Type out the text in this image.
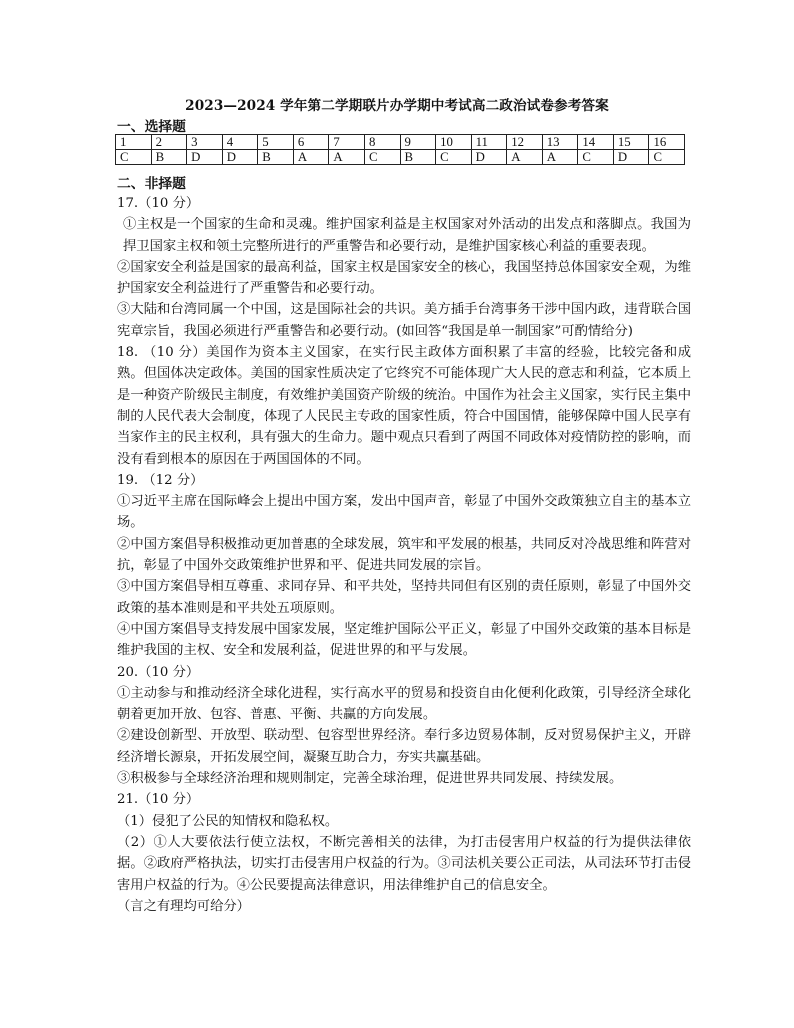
2023—2024 学年第二学期联片办学期中考试高二政治试卷参考答案
一、选择题
1	2	3	4	5	6	7	8	9	10	11	12	13	14	15	16
C	B	D	D	B	A	A	C	B	C	D	A	A	C	D	C
二、非择题

17.（10 分）

①主权是一个国家的生命和灵魂。维护国家利益是主权国家对外活动的出发点和落脚点。我国为捍卫国家主权和领土完整所进行的严重警告和必要行动，是维护国家核心利益的重要表现。

②国家安全利益是国家的最高利益，国家主权是国家安全的核心，我国坚持总体国家安全观，为维护国家安全利益进行了严重警告和必要行动。

③大陆和台湾同属一个中国，这是国际社会的共识。美方插手台湾事务干涉中国内政，违背联合国宪章宗旨，我国必须进行严重警告和必要行动。(如回答“我国是单一制国家”可酌情给分)

18. （10 分）美国作为资本主义国家，在实行民主政体方面积累了丰富的经验，比较完备和成熟。但国体决定政体。美国的国家性质决定了它终究不可能体现广大人民的意志和利益，它本质上是一种资产阶级民主制度，有效维护美国资产阶级的统治。中国作为社会主义国家，实行民主集中制的人民代表大会制度，体现了人民民主专政的国家性质，符合中国国情，能够保障中国人民享有当家作主的民主权利，具有强大的生命力。题中观点只看到了两国不同政体对疫情防控的影响，而没有看到根本的原因在于两国国体的不同。

19. （12 分）

①习近平主席在国际峰会上提出中国方案，发出中国声音，彰显了中国外交政策独立自主的基本立场。

②中国方案倡导积极推动更加普惠的全球发展，筑牢和平发展的根基，共同反对冷战思维和阵营对抗，彰显了中国外交政策维护世界和平、促进共同发展的宗旨。

③中国方案倡导相互尊重、求同存异、和平共处，坚持共同但有区别的责任原则，彰显了中国外交政策的基本准则是和平共处五项原则。

④中国方案倡导支持发展中国家发展，坚定维护国际公平正义，彰显了中国外交政策的基本目标是维护我国的主权、安全和发展利益，促进世界的和平与发展。

20.（10 分）

①主动参与和推动经济全球化进程，实行高水平的贸易和投资自由化便利化政策，引导经济全球化朝着更加开放、包容、普惠、平衡、共赢的方向发展。

②建设创新型、开放型、联动型、包容型世界经济。奉行多边贸易体制，反对贸易保护主义，开辟经济增长源泉，开拓发展空间，凝聚互助合力，夯实共赢基础。

③积极参与全球经济治理和规则制定，完善全球治理，促进世界共同发展、持续发展。

21.（10 分）

（1）侵犯了公民的知情权和隐私权。

（2）①人大要依法行使立法权，不断完善相关的法律，为打击侵害用户权益的行为提供法律依据。②政府严格执法，切实打击侵害用户权益的行为。③司法机关要公正司法，从司法环节打击侵害用户权益的行为。④公民要提高法律意识，用法律维护自己的信息安全。

（言之有理均可给分）
